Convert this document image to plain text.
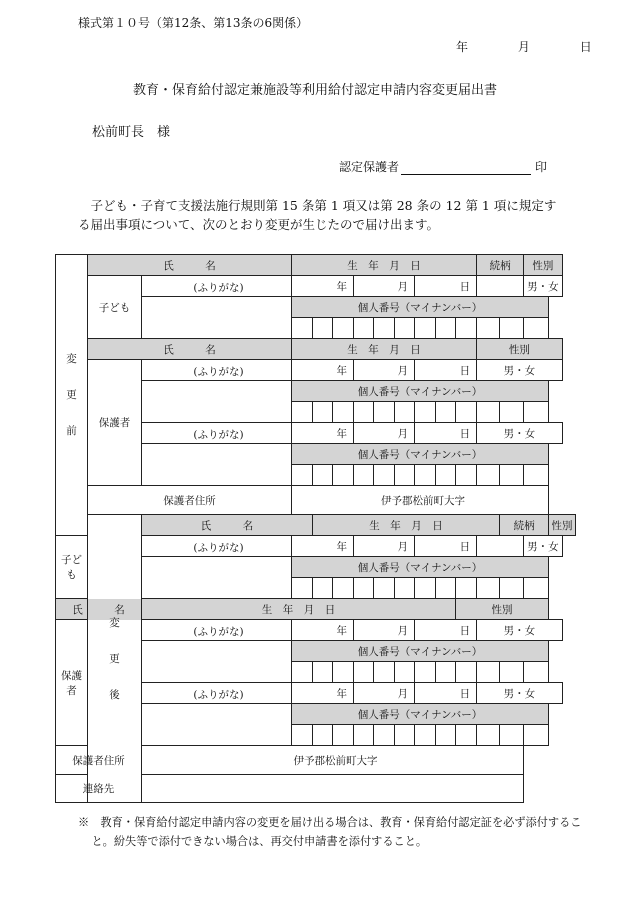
様式第１０号（第12条、第13条の6関係）
年	月	日
教育・保育給付認定兼施設等利用給付認定申請内容変更届出書
松前町長　様
認定保護者	印
子ども・子育て支援法施行規則第 15 条第 1 項又は第 28 条の 12 第 1 項に規定する届出事項について、次のとおり変更が生じたので届け出ます。
変

更

前	氏　　　名		生　年　月　日									続柄		性別	
	子ども	(ふりがな)	年			月			日					男・女	
			個人番号（マイナンバー）												

	氏　　　名		生　年　月　日									性別			
	保護者	(ふりがな)	年			月			日			男・女			
			個人番号（マイナンバー）												

		(ふりがな)	年			月			日			男・女			
			個人番号（マイナンバー）												

	保護者住所		伊予郡松前町大字												
	変

更

後	氏　　　名		生　年　月　日									続柄		性別
子ども		(ふりがな)	年			月			日					男・女	
			個人番号（マイナンバー）												

氏　　　名		生　年　月　日									性別				
保護者		(ふりがな)	年			月			日			男・女			
			個人番号（マイナンバー）												

		(ふりがな)	年			月			日			男・女			
			個人番号（マイナンバー）												

保護者住所		伊予郡松前町大字													
連絡先															
※　教育・保育給付認定申請内容の変更を届け出る場合は、教育・保育給付認定証を必ず添付すること。紛失等で添付できない場合は、再交付申請書を添付すること。
